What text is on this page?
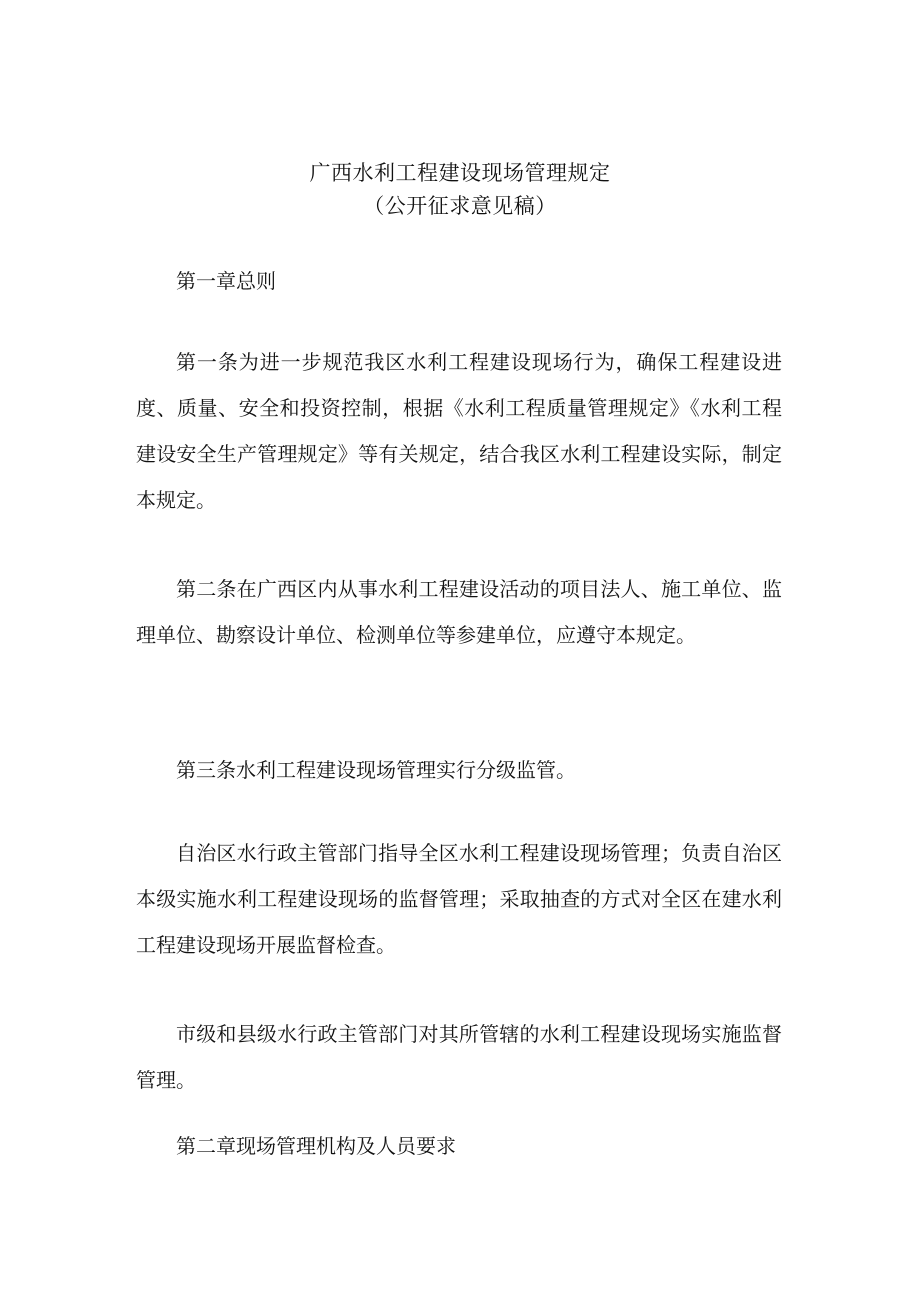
广西水利工程建设现场管理规定
（公开征求意见稿）

第一章总则

第一条为进一步规范我区水利工程建设现场行为，确保工程建设进度、质量、安全和投资控制，根据《水利工程质量管理规定》《水利工程建设安全生产管理规定》等有关规定，结合我区水利工程建设实际，制定本规定。

第二条在广西区内从事水利工程建设活动的项目法人、施工单位、监理单位、勘察设计单位、检测单位等参建单位，应遵守本规定。

第三条水利工程建设现场管理实行分级监管。

自治区水行政主管部门指导全区水利工程建设现场管理；负责自治区本级实施水利工程建设现场的监督管理；采取抽查的方式对全区在建水利工程建设现场开展监督检查。

市级和县级水行政主管部门对其所管辖的水利工程建设现场实施监督管理。

第二章现场管理机构及人员要求
